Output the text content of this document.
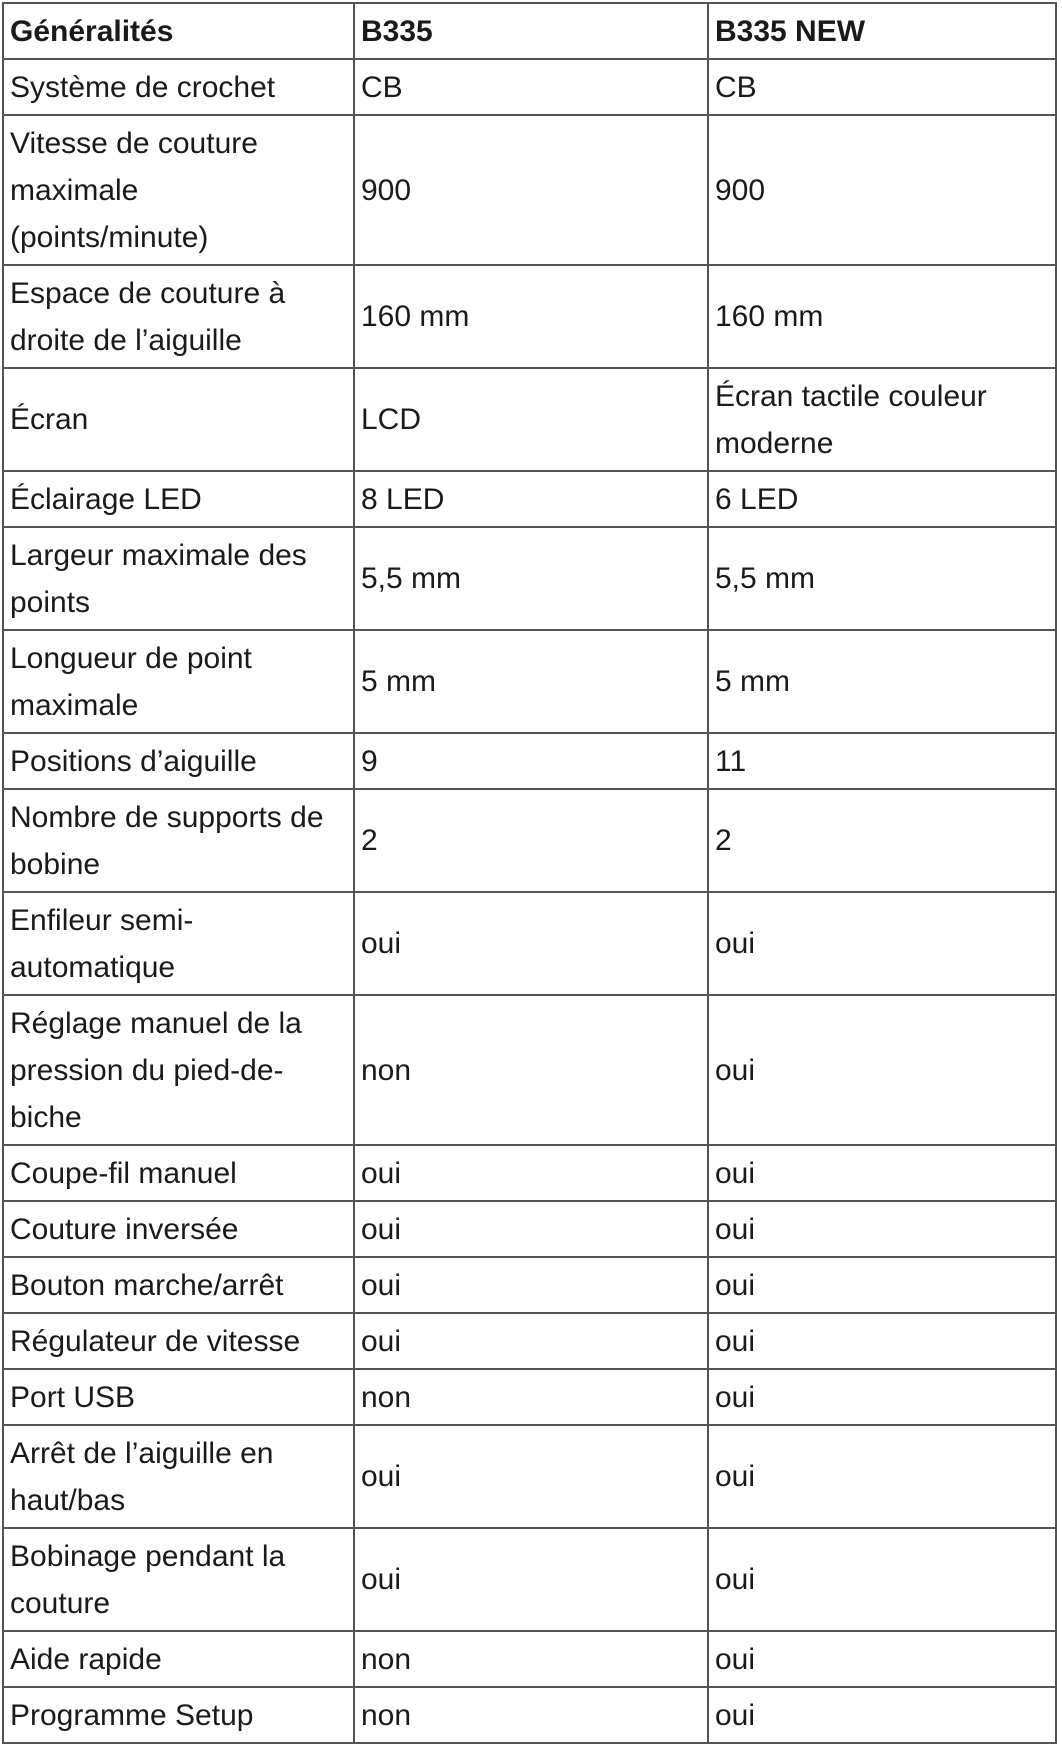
Généralités	B335	B335 NEW
Système de crochet	CB	CB
Vitesse de couture maximale (points/minute)	900	900
Espace de couture à droite de l’aiguille	160 mm	160 mm
Écran	LCD	Écran tactile couleur moderne
Éclairage LED	8 LED	6 LED
Largeur maximale des points	5,5 mm	5,5 mm
Longueur de point maximale	5 mm	5 mm
Positions d’aiguille	9	11
Nombre de supports de bobine	2	2
Enfileur semi-automatique	oui	oui
Réglage manuel de la pression du pied-de-biche	non	oui
Coupe-fil manuel	oui	oui
Couture inversée	oui	oui
Bouton marche/arrêt	oui	oui
Régulateur de vitesse	oui	oui
Port USB	non	oui
Arrêt de l’aiguille en haut/bas	oui	oui
Bobinage pendant la couture	oui	oui
Aide rapide	non	oui
Programme Setup	non	oui
